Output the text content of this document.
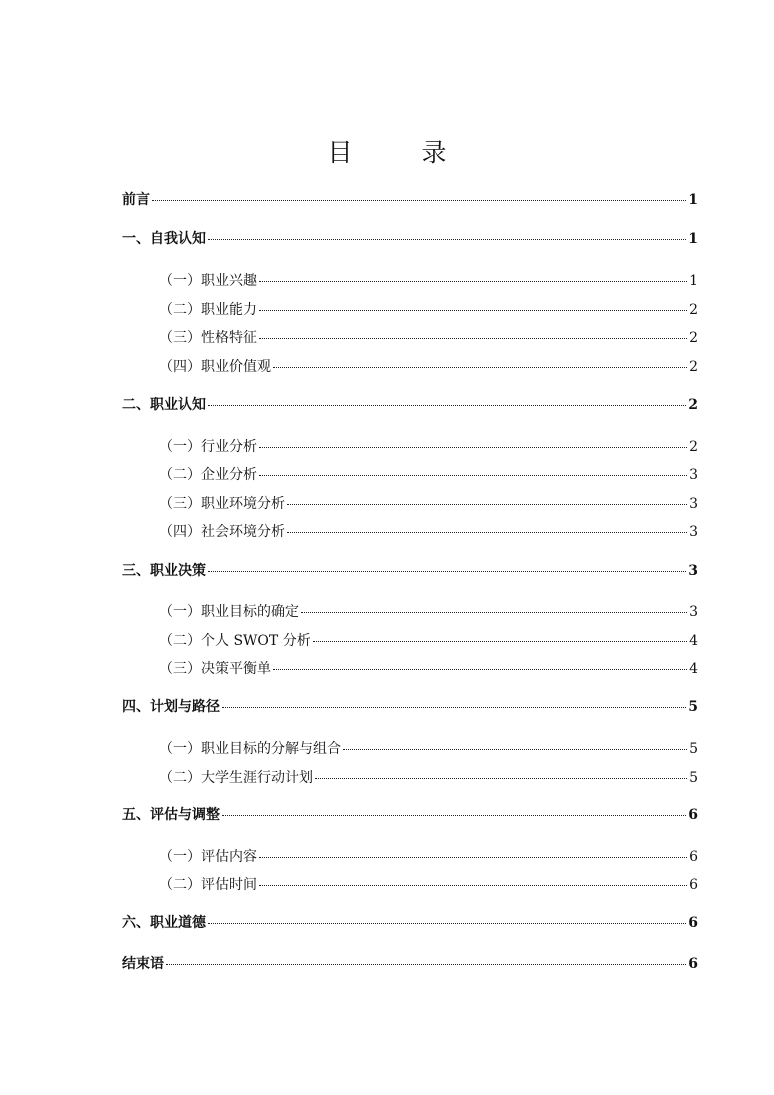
目　录
前言	1
一、自我认知	1
（一）职业兴趣	1
（二）职业能力	2
（三）性格特征	2
（四）职业价值观	2
二、职业认知	2
（一）行业分析	2
（二）企业分析	3
（三）职业环境分析	3
（四）社会环境分析	3
三、职业决策	3
（一）职业目标的确定	3
（二）个人 SWOT 分析	4
（三）决策平衡单	4
四、计划与路径	5
（一）职业目标的分解与组合	5
（二）大学生涯行动计划	5
五、评估与调整	6
（一）评估内容	6
（二）评估时间	6
六、职业道德	6
结束语	6
